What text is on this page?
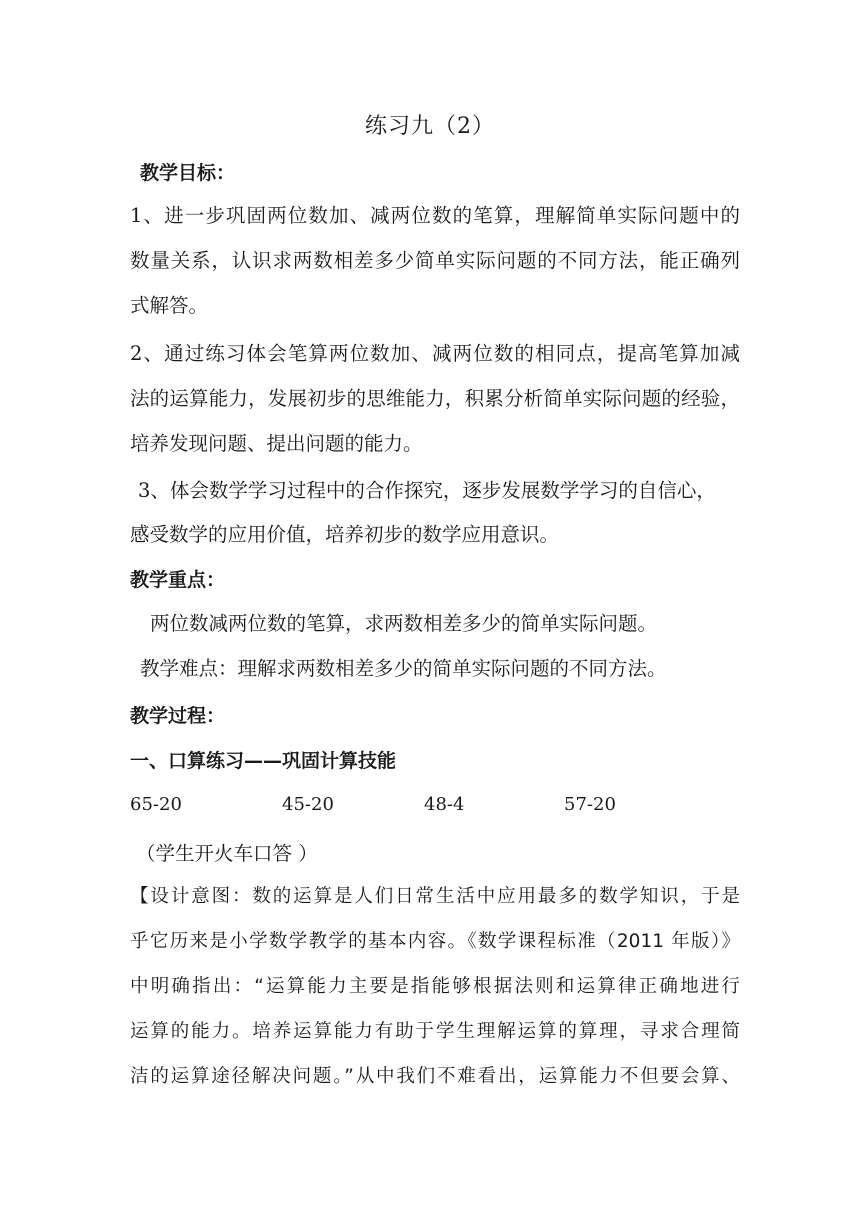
练习九（2）
教学目标：
1、进一步巩固两位数加、减两位数的笔算，理解简单实际问题中的
数量关系，认识求两数相差多少简单实际问题的不同方法，能正确列
式解答。
2、通过练习体会笔算两位数加、减两位数的相同点，提高笔算加减
法的运算能力，发展初步的思维能力，积累分析简单实际问题的经验，
培养发现问题、提出问题的能力。
3、体会数学学习过程中的合作探究，逐步发展数学学习的自信心，
感受数学的应用价值，培养初步的数学应用意识。
教学重点：
两位数减两位数的笔算，求两数相差多少的简单实际问题。
教学难点：理解求两数相差多少的简单实际问题的不同方法。
教学过程：
一、口算练习——巩固计算技能
65-20	45-20	48-4	57-20
（学生开火车口答 ）
【设计意图：数的运算是人们日常生活中应用最多的数学知识，于是
乎它历来是小学数学教学的基本内容。《数学课程标准（2011 年版）》
中明确指出：“运算能力主要是指能够根据法则和运算律正确地进行
运算的能力。培养运算能力有助于学生理解运算的算理，寻求合理简
洁的运算途径解决问题。”从中我们不难看出，运算能力不但要会算、
